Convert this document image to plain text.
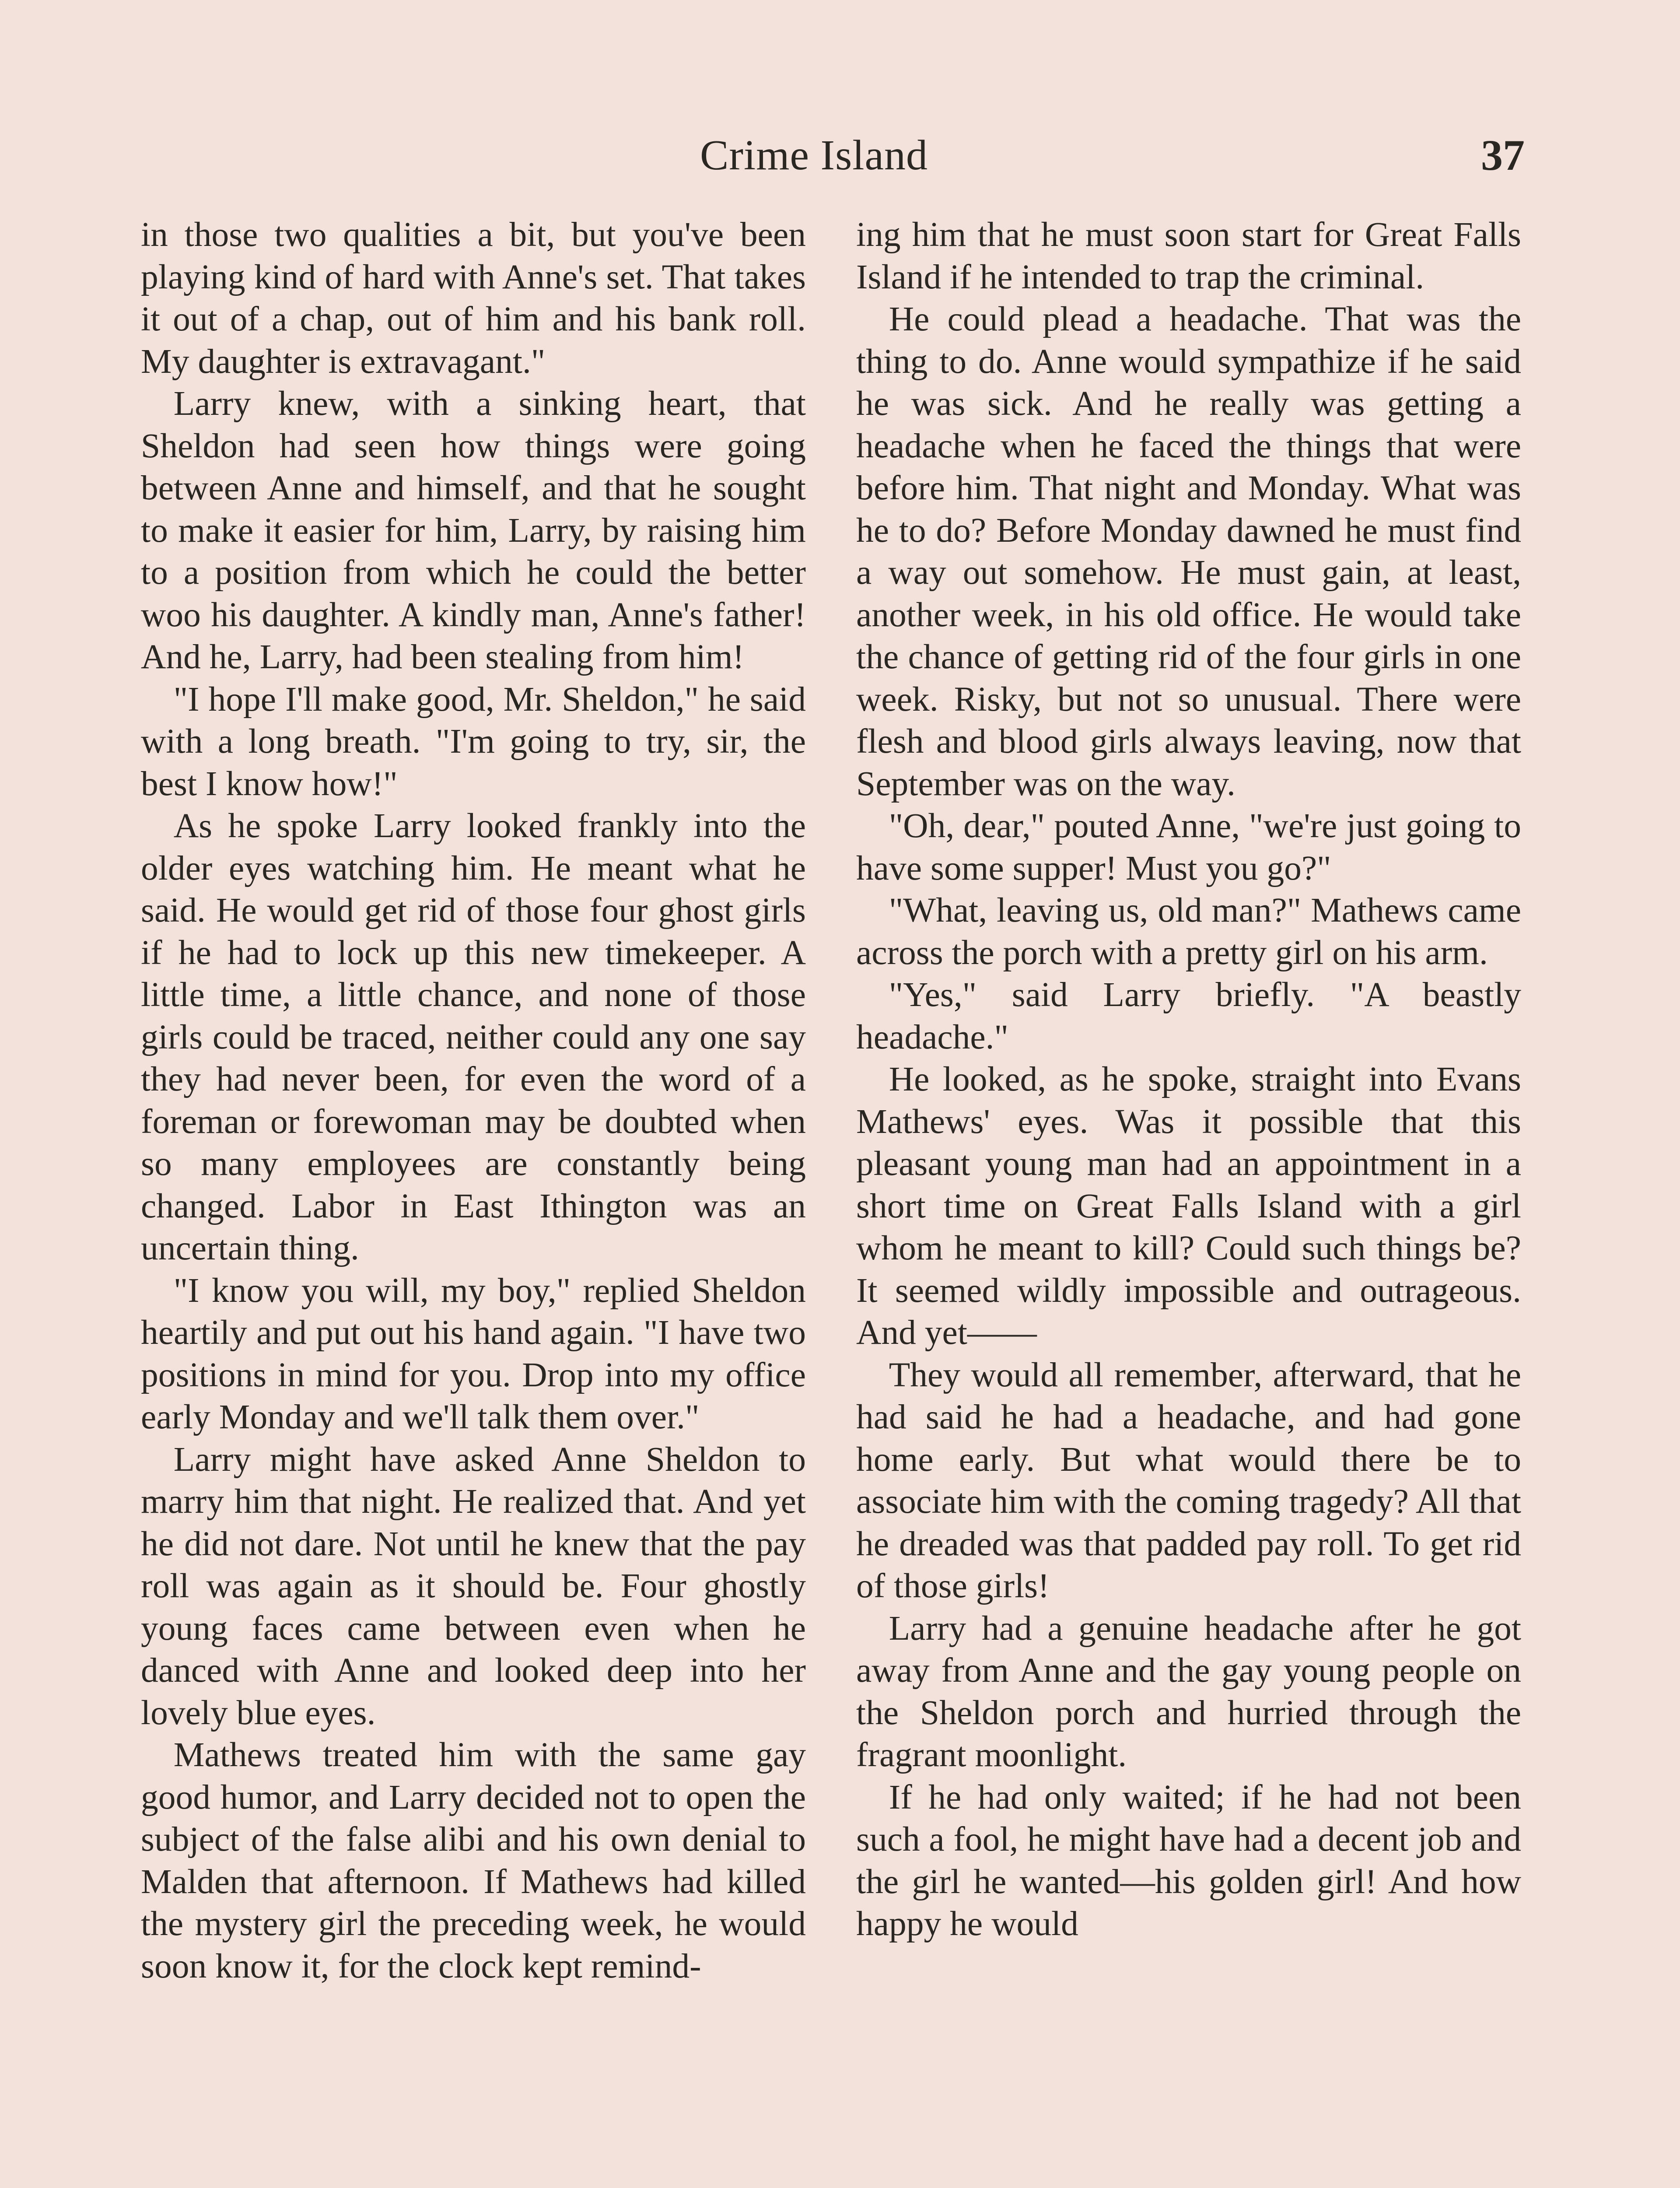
Crime Island	37

in those two qualities a bit, but you've been playing kind of hard with Anne's set. That takes it out of a chap, out of him and his bank roll. My daughter is extravagant."

Larry knew, with a sinking heart, that Sheldon had seen how things were going between Anne and himself, and that he sought to make it easier for him, Larry, by raising him to a position from which he could the better woo his daughter. A kindly man, Anne's father! And he, Larry, had been stealing from him!

"I hope I'll make good, Mr. Sheldon," he said with a long breath. "I'm going to try, sir, the best I know how!"

As he spoke Larry looked frankly into the older eyes watching him. He meant what he said. He would get rid of those four ghost girls if he had to lock up this new timekeeper. A little time, a little chance, and none of those girls could be traced, neither could any one say they had never been, for even the word of a foreman or forewoman may be doubted when so many employees are constantly being changed. Labor in East Ithington was an uncertain thing.

"I know you will, my boy," replied Sheldon heartily and put out his hand again. "I have two positions in mind for you. Drop into my office early Monday and we'll talk them over."

Larry might have asked Anne Sheldon to marry him that night. He realized that. And yet he did not dare. Not until he knew that the pay roll was again as it should be. Four ghostly young faces came between even when he danced with Anne and looked deep into her lovely blue eyes.

Mathews treated him with the same gay good humor, and Larry decided not to open the subject of the false alibi and his own denial to Malden that afternoon. If Mathews had killed the mystery girl the preceding week, he would soon know it, for the clock kept remind-

ing him that he must soon start for Great Falls Island if he intended to trap the criminal.

He could plead a headache. That was the thing to do. Anne would sympathize if he said he was sick. And he really was getting a headache when he faced the things that were before him. That night and Monday. What was he to do? Before Monday dawned he must find a way out somehow. He must gain, at least, another week, in his old office. He would take the chance of getting rid of the four girls in one week. Risky, but not so unusual. There were flesh and blood girls always leaving, now that September was on the way.

"Oh, dear," pouted Anne, "we're just going to have some supper! Must you go?"

"What, leaving us, old man?" Mathews came across the porch with a pretty girl on his arm.

"Yes," said Larry briefly. "A beastly headache."

He looked, as he spoke, straight into Evans Mathews' eyes. Was it possible that this pleasant young man had an appointment in a short time on Great Falls Island with a girl whom he meant to kill? Could such things be? It seemed wildly impossible and outrageous. And yet——

They would all remember, afterward, that he had said he had a headache, and had gone home early. But what would there be to associate him with the coming tragedy? All that he dreaded was that padded pay roll. To get rid of those girls!

Larry had a genuine headache after he got away from Anne and the gay young people on the Sheldon porch and hurried through the fragrant moonlight.

If he had only waited; if he had not been such a fool, he might have had a decent job and the girl he wanted—his golden girl! And how happy he would
